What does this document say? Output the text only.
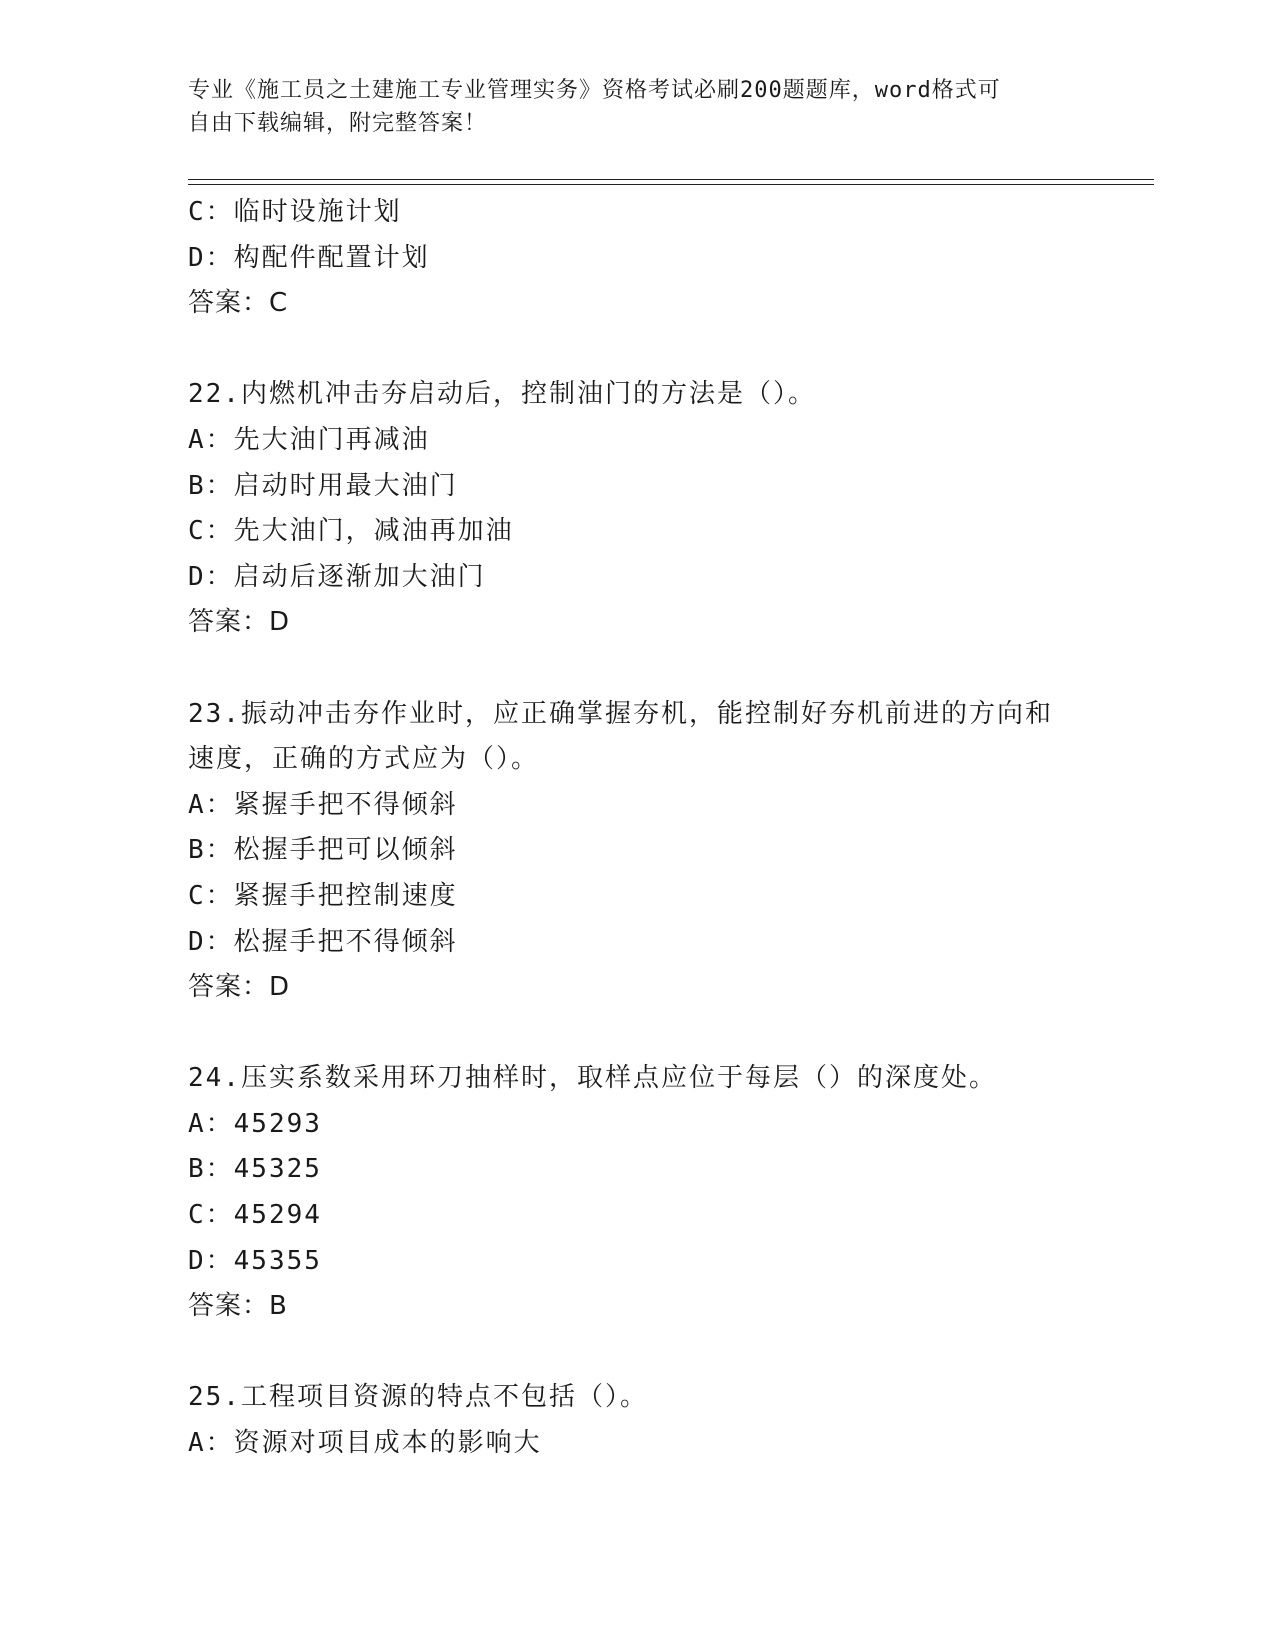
专业《施工员之土建施工专业管理实务》资格考试必刷200题题库，word格式可
自由下载编辑，附完整答案！
C：临时设施计划
D：构配件配置计划
答案：C
22.内燃机冲击夯启动后，控制油门的方法是（）。
A：先大油门再减油
B：启动时用最大油门
C：先大油门，减油再加油
D：启动后逐渐加大油门
答案：D
23.振动冲击夯作业时，应正确掌握夯机，能控制好夯机前进的方向和
速度，正确的方式应为（）。
A：紧握手把不得倾斜
B：松握手把可以倾斜
C：紧握手把控制速度
D：松握手把不得倾斜
答案：D
24.压实系数采用环刀抽样时，取样点应位于每层（）的深度处。
A：45293
B：45325
C：45294
D：45355
答案：B
25.工程项目资源的特点不包括（）。
A：资源对项目成本的影响大
